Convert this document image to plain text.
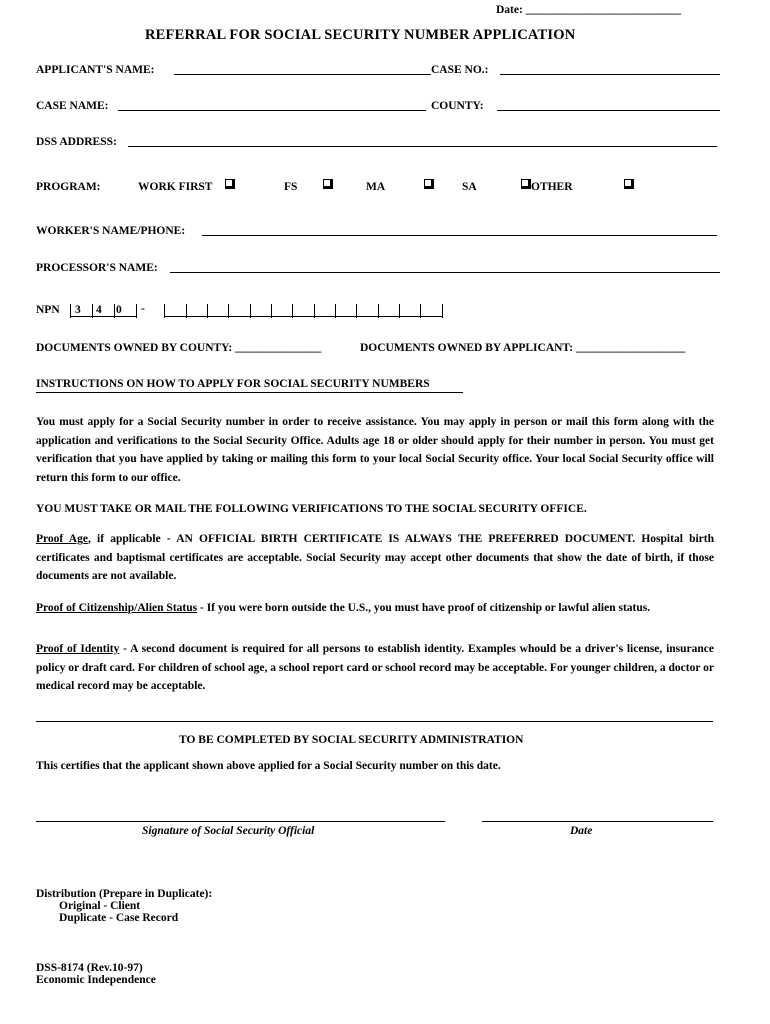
Date: ___________________________
REFERRAL FOR SOCIAL SECURITY NUMBER APPLICATION
APPLICANT'S NAME:	CASE NO.:
CASE NAME:	COUNTY:
DSS ADDRESS:
PROGRAM:	WORK FIRST	FS	MA	SA	OTHER
WORKER'S NAME/PHONE:
PROCESSOR'S NAME:
NPN 3 4 0 -
DOCUMENTS OWNED BY COUNTY: _______________	DOCUMENTS OWNED BY APPLICANT: ___________________
INSTRUCTIONS ON HOW TO APPLY FOR SOCIAL SECURITY NUMBERS
You must apply for a Social Security number in order to receive assistance. You may apply in person or mail this form along with the application and verifications to the Social Security Office. Adults age 18 or older should apply for their number in person. You must get verification that you have applied by taking or mailing this form to your local Social Security office. Your local Social Security office will return this form to our office.
YOU MUST TAKE OR MAIL THE FOLLOWING VERIFICATIONS TO THE SOCIAL SECURITY OFFICE.
Proof Age, if applicable - AN OFFICIAL BIRTH CERTIFICATE IS ALWAYS THE PREFERRED DOCUMENT. Hospital birth certificates and baptismal certificates are acceptable. Social Security may accept other documents that show the date of birth, if those documents are not available.
Proof of Citizenship/Alien Status - If you were born outside the U.S., you must have proof of citizenship or lawful alien status.
Proof of Identity - A second document is required for all persons to establish identity. Examples whould be a driver's license, insurance policy or draft card. For children of school age, a school report card or school record may be acceptable. For younger children, a doctor or medical record may be acceptable.
TO BE COMPLETED BY SOCIAL SECURITY ADMINISTRATION
This certifies that the applicant shown above applied for a Social Security number on this date.
Signature of Social Security Official	Date
Distribution (Prepare in Duplicate):
Original - Client
Duplicate - Case Record
DSS-8174 (Rev.10-97)
Economic Independence
